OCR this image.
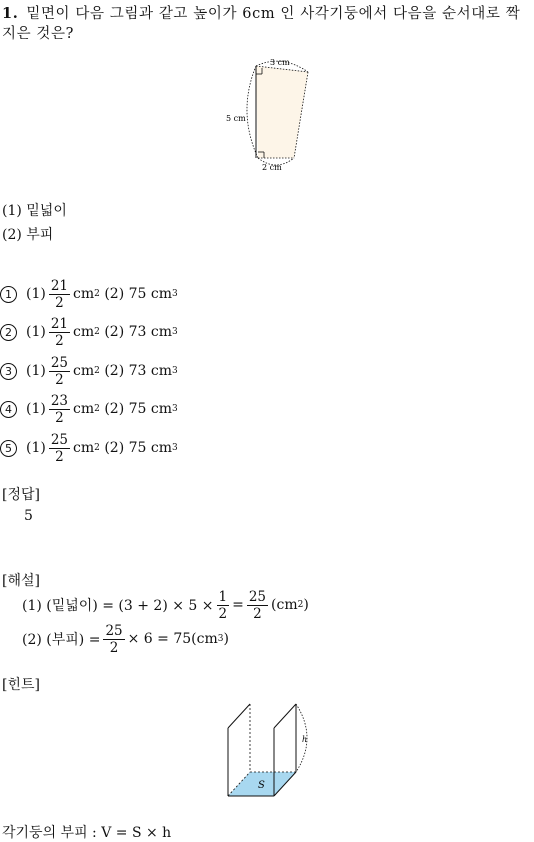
1. 밑면이 다음 그림과 같고 높이가 6cm 인 사각기둥에서 다음을 순서대로 짝지은 것은?
3 cm
5 cm
2 cm
(1) 밑넓이
(2) 부피
1	$(1) \frac{21}{2}$ cm 2
(2) 75 cm 3
2	$(1) \frac{21}{2}$ cm 2
(2) 73 cm 3
3	$(1) \frac{25}{2}$ cm 2
(2) 73 cm 3
4	$(1) \frac{23}{2}$ cm 2
(2) 75 cm 3
5	$(1) \frac{25}{2}$ cm 2
(2) 75 cm 3
[정답]
5
[해설]
(1) (밑넓이) = $(3 + 2) \times 5 \times \frac{1}{2} = \frac{25}{2} (cm$ 2 )
(2) (부피) = $\frac{25}{2} \times 6 = 75(cm$ 3 )
[힌트]
S
h
각기둥의 부피 : V = S × h
